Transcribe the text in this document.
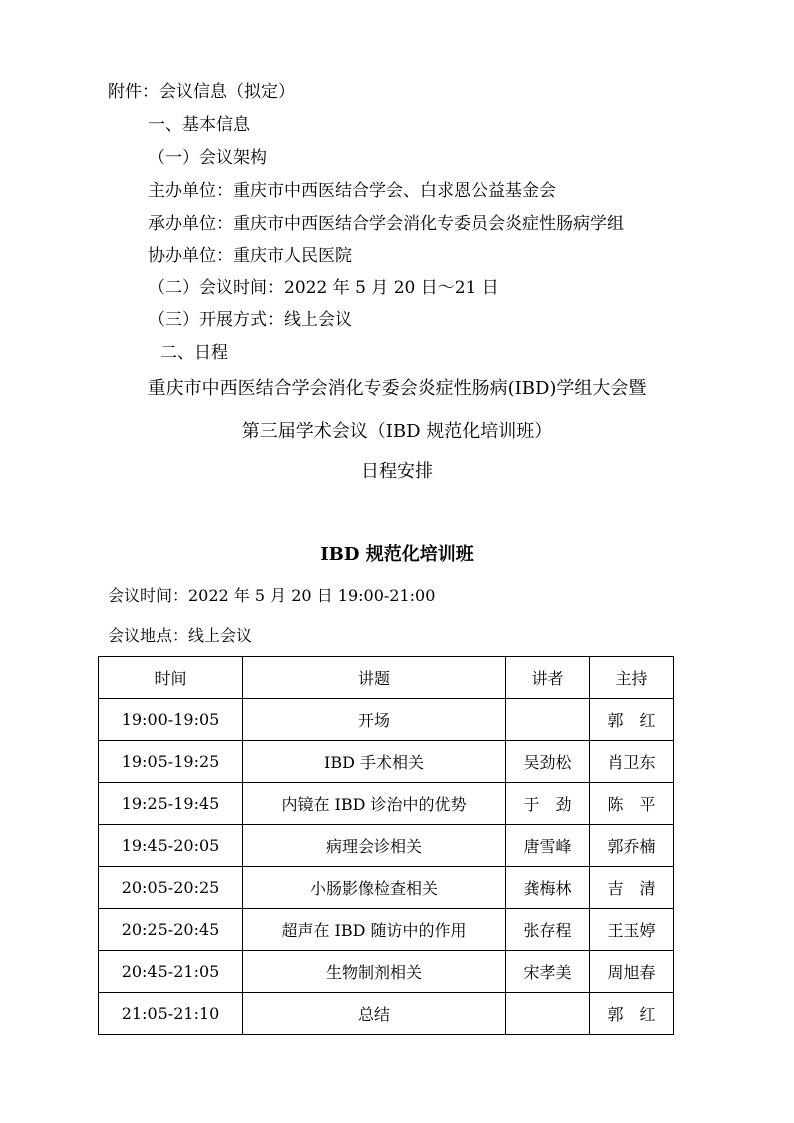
附件：会议信息（拟定）
一、基本信息
（一）会议架构
主办单位：重庆市中西医结合学会、白求恩公益基金会
承办单位：重庆市中西医结合学会消化专委员会炎症性肠病学组
协办单位：重庆市人民医院
（二）会议时间：2022 年 5 月 20 日～21 日
（三）开展方式：线上会议
二、日程
重庆市中西医结合学会消化专委会炎症性肠病(IBD)学组大会暨
第三届学术会议（IBD 规范化培训班）
日程安排
IBD 规范化培训班
会议时间：2022 年 5 月 20 日 19:00-21:00
会议地点：线上会议
时间	讲题	讲者	主持
19:00-19:05	开场		郭　红
19:05-19:25	IBD 手术相关	吴劲松	肖卫东
19:25-19:45	内镜在 IBD 诊治中的优势	于　劲	陈　平
19:45-20:05	病理会诊相关	唐雪峰	郭乔楠
20:05-20:25	小肠影像检查相关	龚梅林	吉　清
20:25-20:45	超声在 IBD 随访中的作用	张存程	王玉婷
20:45-21:05	生物制剂相关	宋孝美	周旭春
21:05-21:10	总结		郭　红
